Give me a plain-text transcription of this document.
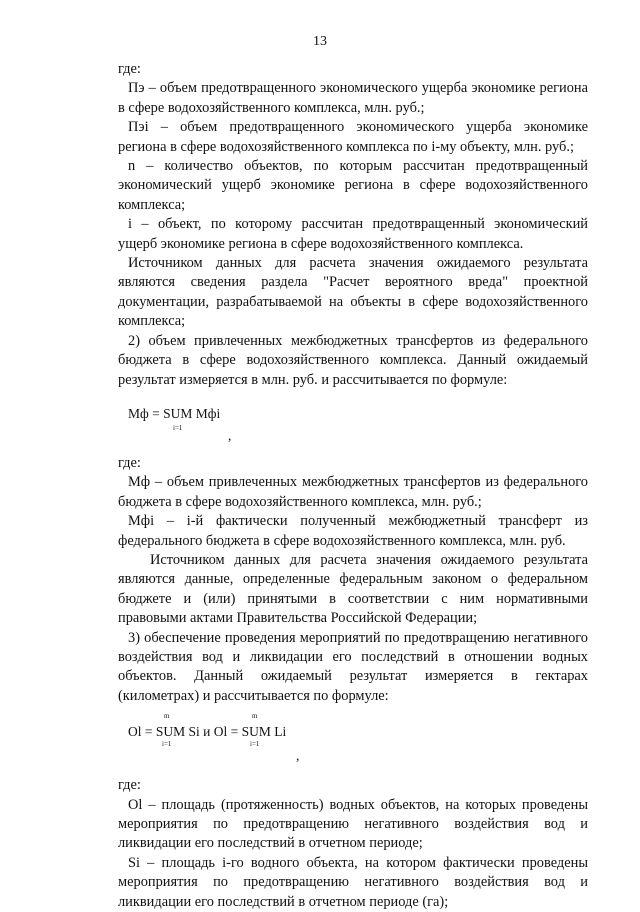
13

где:

Пэ – объем предотвращенного экономического ущерба экономике региона в сфере водохозяйственного комплекса, млн. руб.;

Пэi – объем предотвращенного экономического ущерба экономике региона в сфере водохозяйственного комплекса по i-му объекту, млн. руб.;

n – количество объектов, по которым рассчитан предотвращенный экономический ущерб экономике региона в сфере водохозяйственного комплекса;

i – объект, по которому рассчитан предотвращенный экономический ущерб экономике региона в сфере водохозяйственного комплекса.

Источником данных для расчета значения ожидаемого результата являются сведения раздела "Расчет вероятного вреда" проектной документации, разрабатываемой на объекты в сфере водохозяйственного комплекса;

2) объем привлеченных межбюджетных трансфертов из федерального бюджета в сфере водохозяйственного комплекса. Данный ожидаемый результат измеряется в млн. руб. и рассчитывается по формуле:

Мф = SUM Мфi
i=1	,

где:

Мф – объем привлеченных межбюджетных трансфертов из федерального бюджета в сфере водохозяйственного комплекса, млн. руб.;

Мфi – i-й фактически полученный межбюджетный трансферт из федерального бюджета в сфере водохозяйственного комплекса, млн. руб.

Источником данных для расчета значения ожидаемого результата являются данные, определенные федеральным законом о федеральном бюджете и (или) принятыми в соответствии с ним нормативными правовыми актами Правительства Российской Федерации;

3) обеспечение проведения мероприятий по предотвращению негативного воздействия вод и ликвидации его последствий в отношении водных объектов. Данный ожидаемый результат измеряется в гектарах (километрах) и рассчитывается по формуле:

m
Ol = SUM Si и Ol = SUM Li
i=1
m
i=1
,

где:

Ol – площадь (протяженность) водных объектов, на которых проведены мероприятия по предотвращению негативного воздействия вод и ликвидации его последствий в отчетном периоде;

Si – площадь i-го водного объекта, на котором фактически проведены мероприятия по предотвращению негативного воздействия вод и ликвидации его последствий в отчетном периоде (га);
